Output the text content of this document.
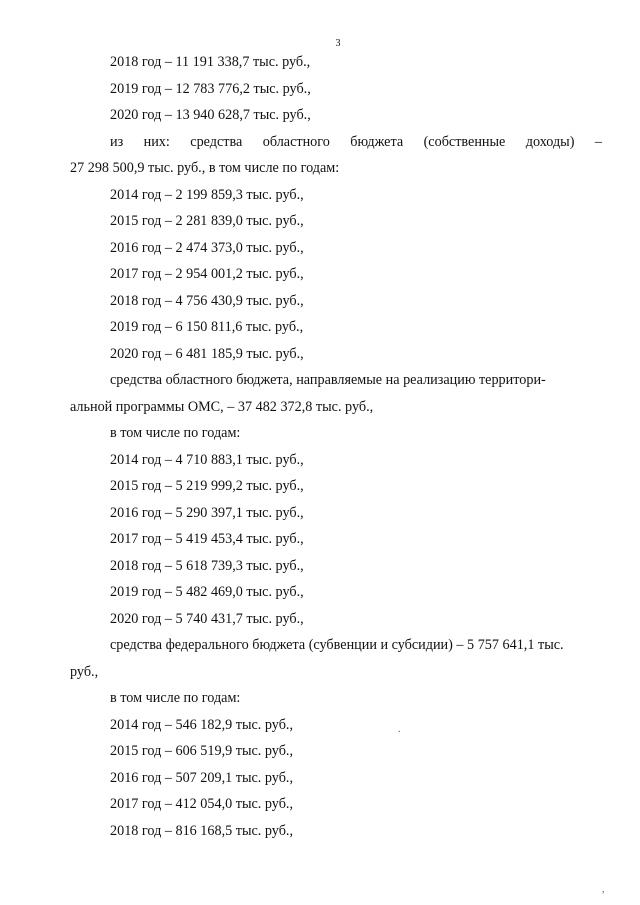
3
2018 год – 11 191 338,7 тыс. руб.,
2019 год – 12 783 776,2 тыс. руб.,
2020 год – 13 940 628,7 тыс. руб.,
из них: средства областного бюджета (собственные доходы) –
27 298 500,9 тыс. руб., в том числе по годам:
2014 год – 2 199 859,3 тыс. руб.,
2015 год – 2 281 839,0 тыс. руб.,
2016 год – 2 474 373,0 тыс. руб.,
2017 год – 2 954 001,2 тыс. руб.,
2018 год – 4 756 430,9 тыс. руб.,
2019 год – 6 150 811,6 тыс. руб.,
2020 год – 6 481 185,9 тыс. руб.,
средства областного бюджета, направляемые на реализацию территори-
альной программы ОМС, – 37 482 372,8 тыс. руб.,
в том числе по годам:
2014 год – 4 710 883,1 тыс. руб.,
2015 год – 5 219 999,2 тыс. руб.,
2016 год – 5 290 397,1 тыс. руб.,
2017 год – 5 419 453,4 тыс. руб.,
2018 год – 5 618 739,3 тыс. руб.,
2019 год – 5 482 469,0 тыс. руб.,
2020 год – 5 740 431,7 тыс. руб.,
средства федерального бюджета (субвенции и субсидии) – 5 757 641,1 тыс.
руб.,
в том числе по годам:
2014 год – 546 182,9 тыс. руб.,
2015 год – 606 519,9 тыс. руб.,
2016 год – 507 209,1 тыс. руб.,
2017 год – 412 054,0 тыс. руб.,
2018 год – 816 168,5 тыс. руб.,
.
,
